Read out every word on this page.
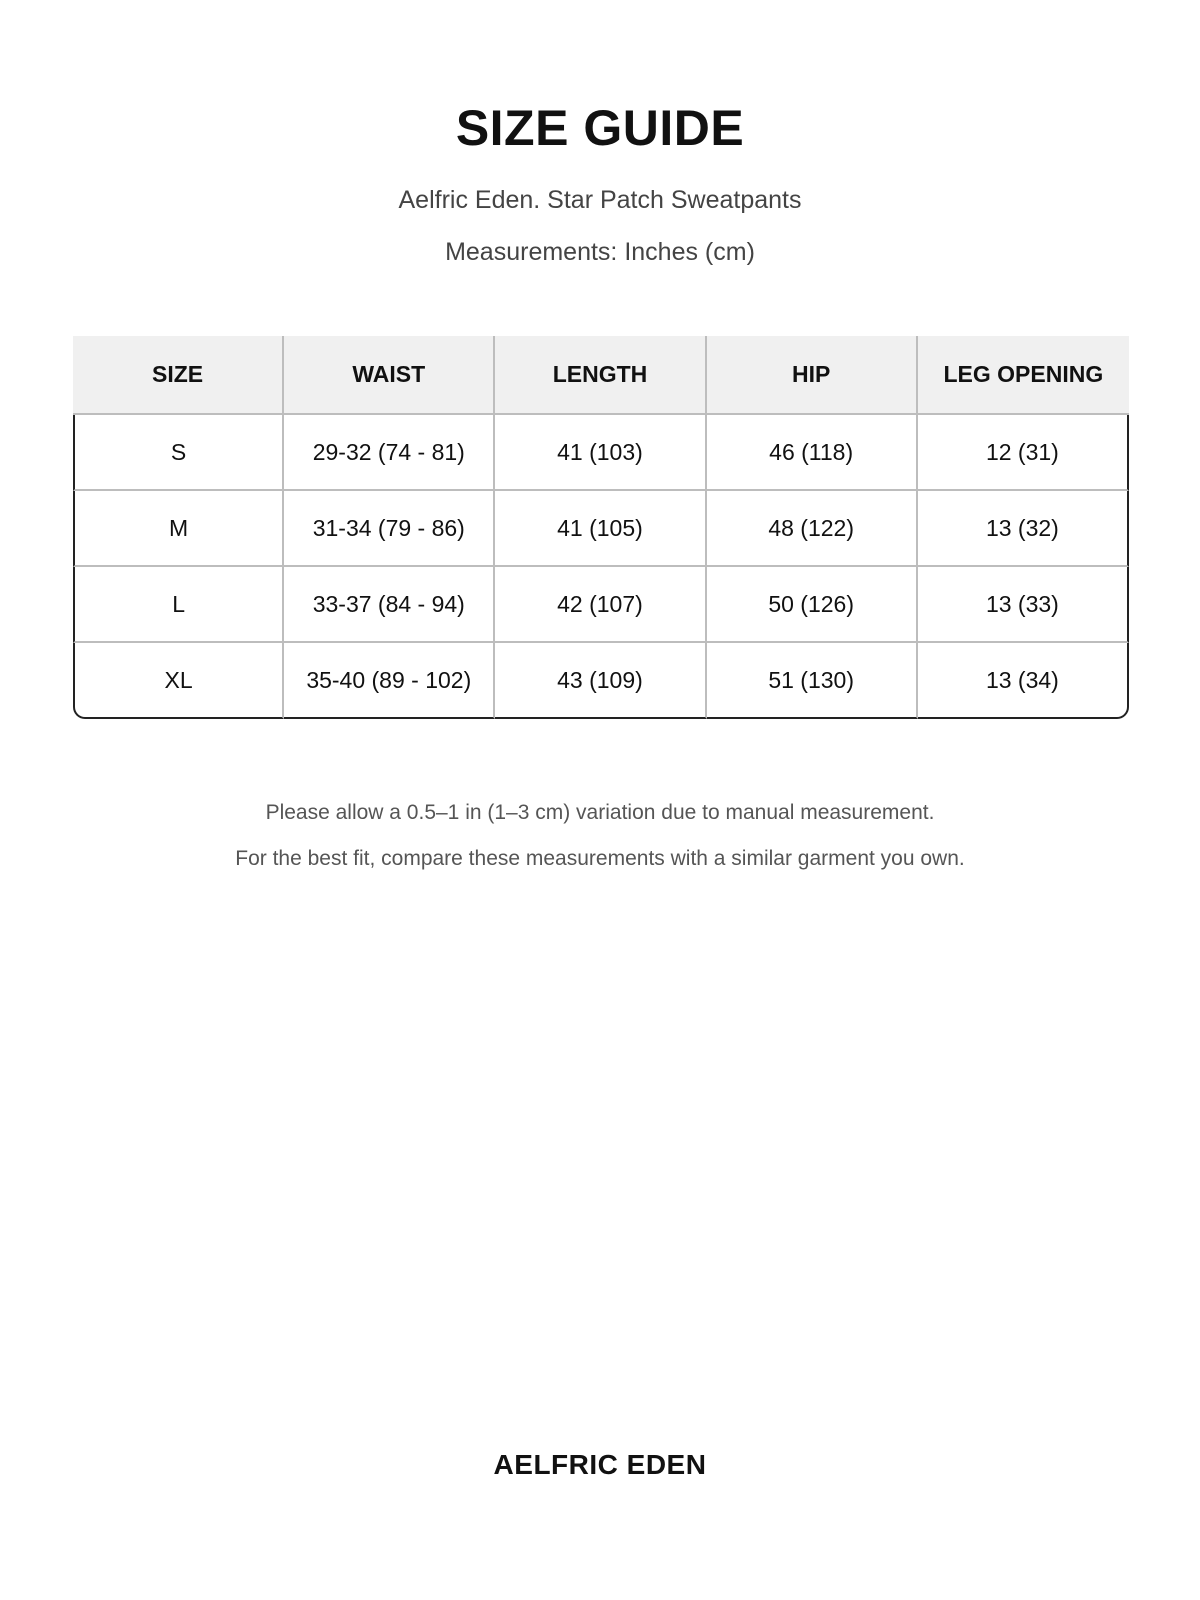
SIZE GUIDE

Aelfric Eden. Star Patch Sweatpants

Measurements: Inches (cm)

SIZE	WAIST	LENGTH	HIP	LEG OPENING
S	29-32 (74 - 81)	41 (103)	46 (118)	12 (31)
M	31-34 (79 - 86)	41 (105)	48 (122)	13 (32)
L	33-37 (84 - 94)	42 (107)	50 (126)	13 (33)
XL	35-40 (89 - 102)	43 (109)	51 (130)	13 (34)

Please allow a 0.5–1 in (1–3 cm) variation due to manual measurement.

For the best fit, compare these measurements with a similar garment you own.

AELFRIC EDEN
